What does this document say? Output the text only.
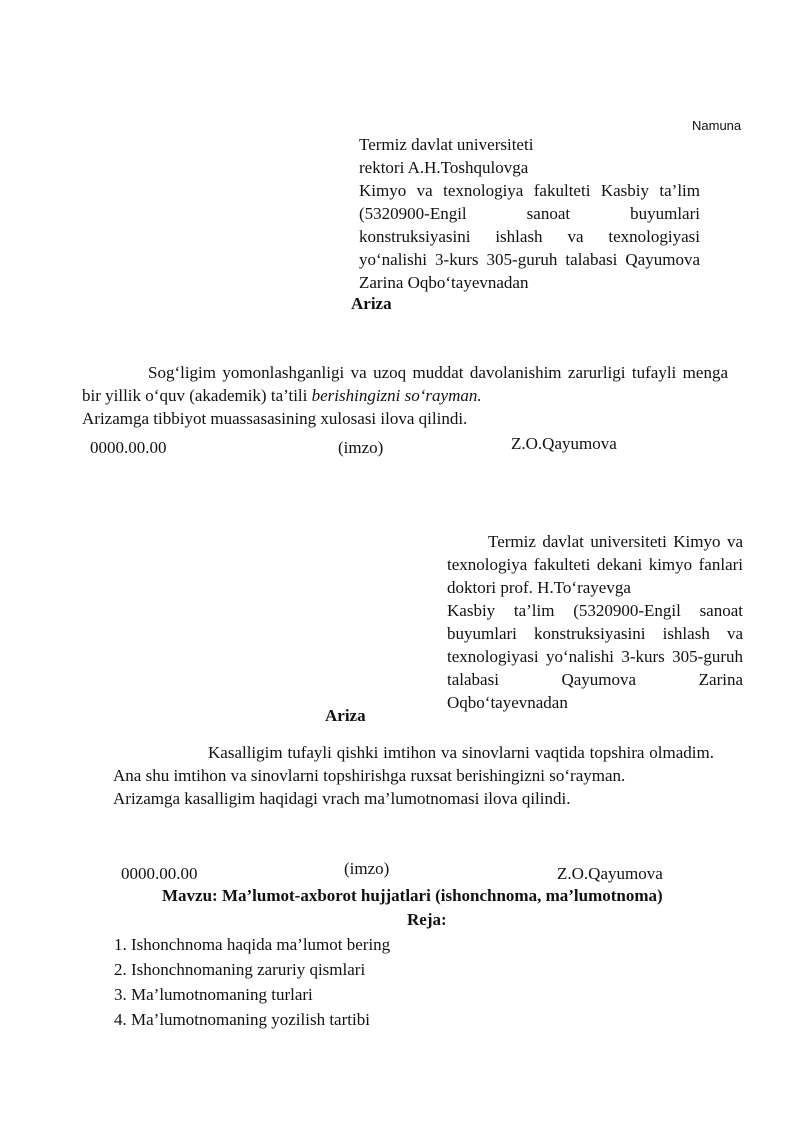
Namuna
Termiz davlat universiteti
rektori A.H.Toshqulovga
Kimyo va texnologiya fakulteti Kasbiy ta’lim (5320900-Engil sanoat buyumlari konstruksiyasini ishlash va texnologiyasi yo‘nalishi 3-kurs 305-guruh talabasi Qayumova Zarina Oqbo‘tayevnadan
Ariza

Sog‘ligim yomonlashganligi va uzoq muddat davolanishim zarurligi tufayli menga bir yillik o‘quv (akademik) ta’tili berishingizni so‘rayman.

Arizamga tibbiyot muassasasining xulosasi ilova qilindi.

0000.00.00	(imzo)	Z.O.Qayumova

Termiz davlat universiteti Kimyo va texnologiya fakulteti dekani kimyo fanlari doktori prof. H.To‘rayevga

Kasbiy ta’lim (5320900-Engil sanoat buyumlari konstruksiyasini ishlash va texnologiyasi yo‘nalishi 3-kurs 305-guruh talabasi Qayumova Zarina Oqbo‘tayevnadan

Ariza

Kasalligim tufayli qishki imtihon va sinovlarni vaqtida topshira olmadim. Ana shu imtihon va sinovlarni topshirishga ruxsat berishingizni so‘rayman.

Arizamga kasalligim haqidagi vrach ma’lumotnomasi ilova qilindi.

0000.00.00	(imzo)	Z.O.Qayumova
Mavzu: Ma’lumot-axborot hujjatlari (ishonchnoma, ma’lumotnoma)
Reja:
1. Ishonchnoma haqida ma’lumot bering
2. Ishonchnomaning zaruriy qismlari
3. Ma’lumotnomaning turlari
4. Ma’lumotnomaning yozilish tartibi
